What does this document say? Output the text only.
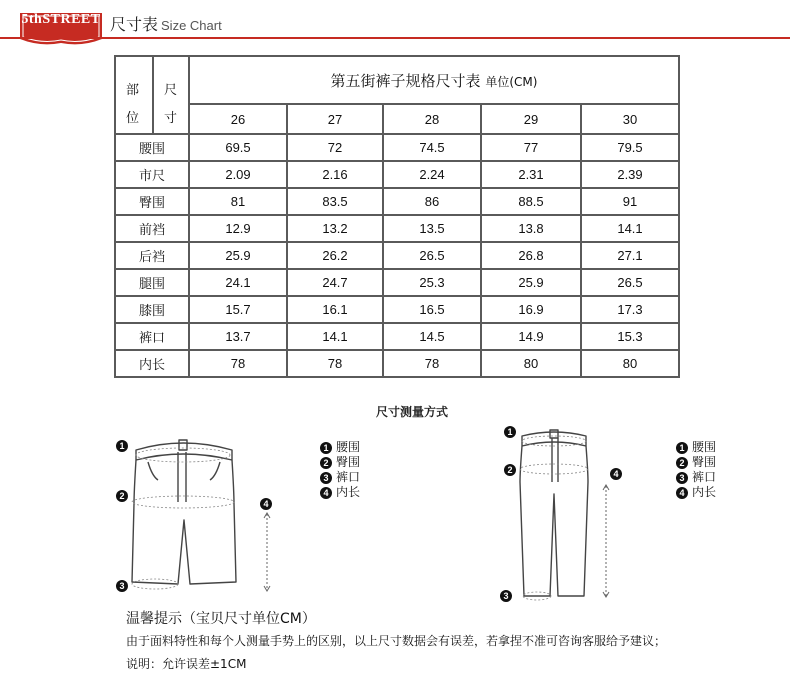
5thSTREET 尺寸表 Size Chart
部
位
尺
寸	第五街裤子规格尺寸表 单位(CM)				
	26	27	28	29	30
腰围	69.5	72	74.5	77	79.5
市尺	2.09	2.16	2.24	2.31	2.39
臀围	81	83.5	86	88.5	91
前裆	12.9	13.2	13.5	13.8	14.1
后裆	25.9	26.2	26.5	26.8	27.1
腿围	24.1	24.7	25.3	25.9	26.5
膝围	15.7	16.1	16.5	16.9	17.3
裤口	13.7	14.1	14.5	14.9	15.3
内长	78	78	78	80	80
尺寸测量方式
1
2
3
4
1 腰围
2 臀围
3 裤口
4 内长
1
2
3
4
1 腰围
2 臀围
3 裤口
4 内长
温馨提示（宝贝尺寸单位CM）
由于面料特性和每个人测量手势上的区别，以上尺寸数据会有误差，若拿捏不准可咨询客服给予建议；
说明：允许误差±1CM
